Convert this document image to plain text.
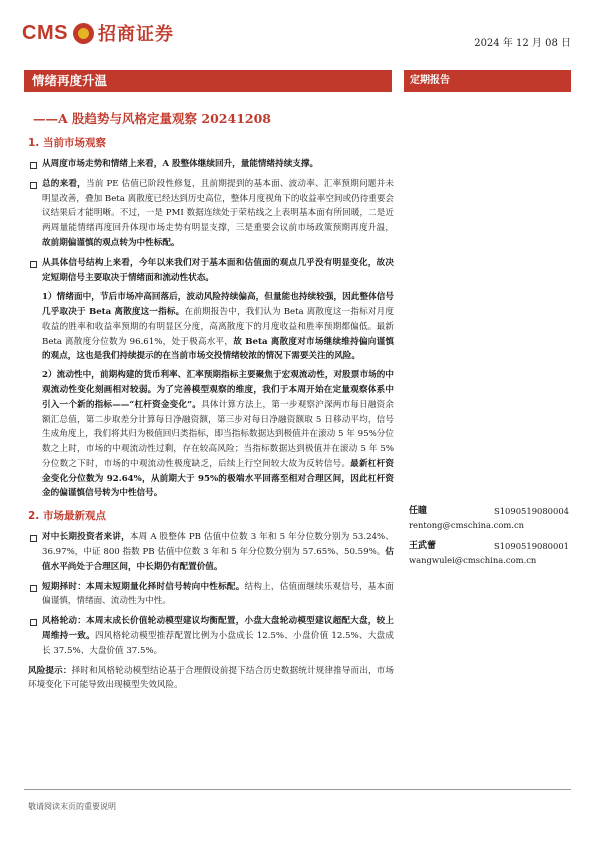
CMS 招商证券	2024 年 12 月 08 日
情绪再度升温	定期报告
——A 股趋势与风格定量观察 20241208
1. 当前市场观察
从周度市场走势和情绪上来看，A 股整体继续回升，量能情绪持续支撑。
总的来看，当前 PE 估值已阶段性修复，且前期提到的基本面、波动率、汇率预期问题并未明显改善，叠加 Beta 离散度已经达到历史高位，整体月度视角下的收益率空间或仍待重要会议结果后才能明晰。不过，一是 PMI 数据连续处于荣枯线之上表明基本面有所回暖，二是近两周量能情绪再度回升体现市场走势有明显支撑，三是重要会议前市场政策预期再度升温，故前期偏谨慎的观点转为中性标配。
从具体信号结构上来看，今年以来我们对于基本面和估值面的观点几乎没有明显变化，故决定短期信号主要取决于情绪面和流动性状态。
1）情绪面中，节后市场冲高回落后，波动风险持续偏高，但量能也持续较强，因此整体信号几乎取决于 Beta 离散度这一指标。在前期报告中，我们认为 Beta 离散度这一指标对月度收益的胜率和收益率预期的有明显区分度，高离散度下的月度收益和胜率预期都偏低。最新 Beta 离散度分位数为 96.61%，处于极高水平，故 Beta 离散度对市场继续维持偏向谨慎的观点，这也是我们持续提示的在当前市场交投情绪较浓的情况下需要关注的风险。
2）流动性中，前期构建的货币利率、汇率预期指标主要聚焦于宏观流动性，对股票市场的中观流动性变化刻画相对较弱。为了完善模型观察的维度，我们于本周开始在定量观察体系中引入一个新的指标——“杠杆资金变化”。具体计算方法上，第一步观察沪深两市每日融资余额汇总值，第二步取差分计算每日净融资额，第三步对每日净融资额取 5 日移动平均，信号生成角度上，我们将其归为极值回归类指标，即当指标数据达到极值并在滚动 5 年 95%分位数之上时，市场的中观流动性过剩，存在较高风险；当指标数据达到极值并在滚动 5 年 5%分位数之下时，市场的中观流动性极度缺乏，后续上行空间较大故为反转信号。最新杠杆资金变化分位数为 92.64%，从前期大于 95%的极端水平回落至相对合理区间，因此杠杆资金的偏谨慎信号转为中性信号。
2. 市场最新观点
对中长期投资者来讲，本周 A 股整体 PB 估值中位数 3 年和 5 年分位数分别为 53.24%、36.97%，中证 800 指数 PB 估值中位数 3 年和 5 年分位数分别为 57.65%、50.59%。估值水平尚处于合理区间，中长期仍有配置价值。
短期择时：本周末短期量化择时信号转向中性标配。结构上，估值面继续乐观信号，基本面偏谨慎，情绪面、流动性为中性。
风格轮动：本周末成长价值轮动模型建议均衡配置，小盘大盘轮动模型建议超配大盘，较上周维持一致。四风格轮动模型推荐配置比例为小盘成长 12.5%、小盘价值 12.5%、大盘成长 37.5%、大盘价值 37.5%。
风险提示：择时和风格轮动模型结论基于合理假设前提下结合历史数据统计规律推导而出，市场环境变化下可能导致出现模型失效风险。
任瞳	S1090519080004
rentong@cmschina.com.cn
王武蕾	S1090519080001
wangwulei@cmschina.com.cn
敬请阅读末页的重要说明
